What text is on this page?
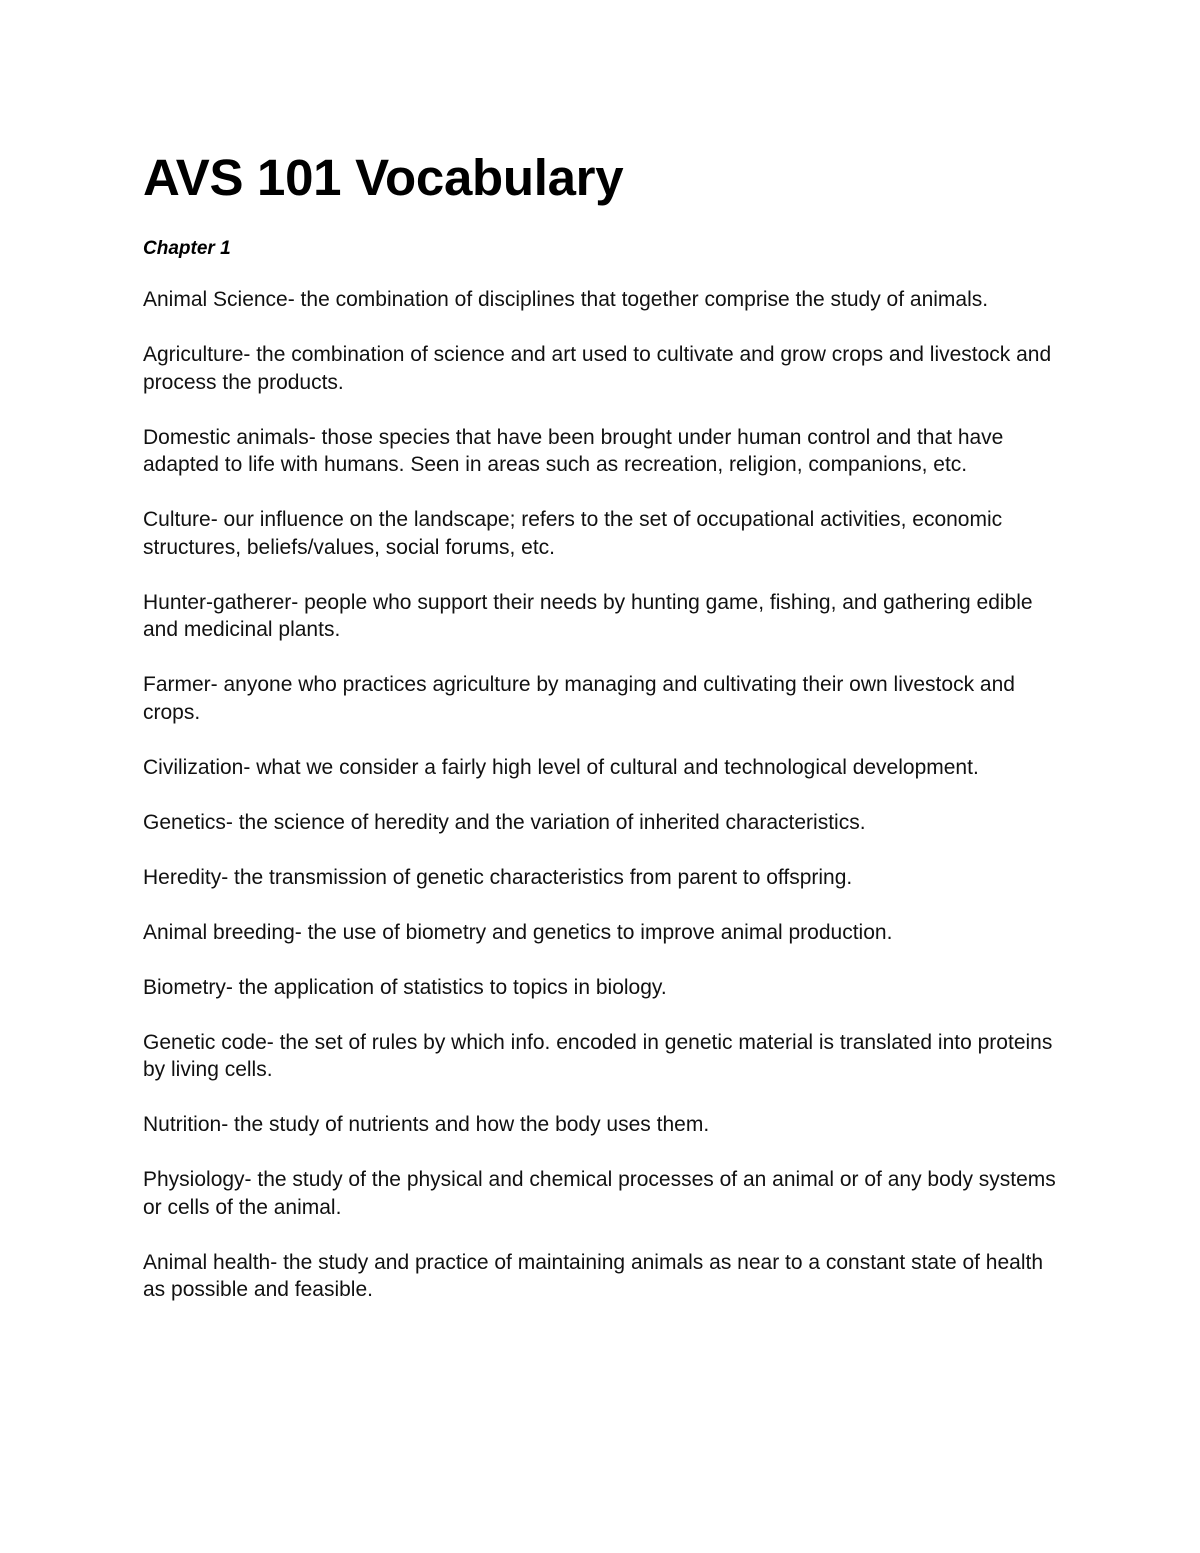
AVS 101 Vocabulary
Chapter 1

Animal Science- the combination of disciplines that together comprise the study of animals.

Agriculture- the combination of science and art used to cultivate and grow crops and livestock and process the products.

Domestic animals- those species that have been brought under human control and that have adapted to life with humans. Seen in areas such as recreation, religion, companions, etc.

Culture- our influence on the landscape; refers to the set of occupational activities, economic structures, beliefs/values, social forums, etc.

Hunter-gatherer- people who support their needs by hunting game, fishing, and gathering edible and medicinal plants.

Farmer- anyone who practices agriculture by managing and cultivating their own livestock and crops.

Civilization- what we consider a fairly high level of cultural and technological development.

Genetics- the science of heredity and the variation of inherited characteristics.

Heredity- the transmission of genetic characteristics from parent to offspring.

Animal breeding- the use of biometry and genetics to improve animal production.

Biometry- the application of statistics to topics in biology.

Genetic code- the set of rules by which info. encoded in genetic material is translated into proteins by living cells.

Nutrition- the study of nutrients and how the body uses them.

Physiology- the study of the physical and chemical processes of an animal or of any body systems or cells of the animal.

Animal health- the study and practice of maintaining animals as near to a constant state of health as possible and feasible.
